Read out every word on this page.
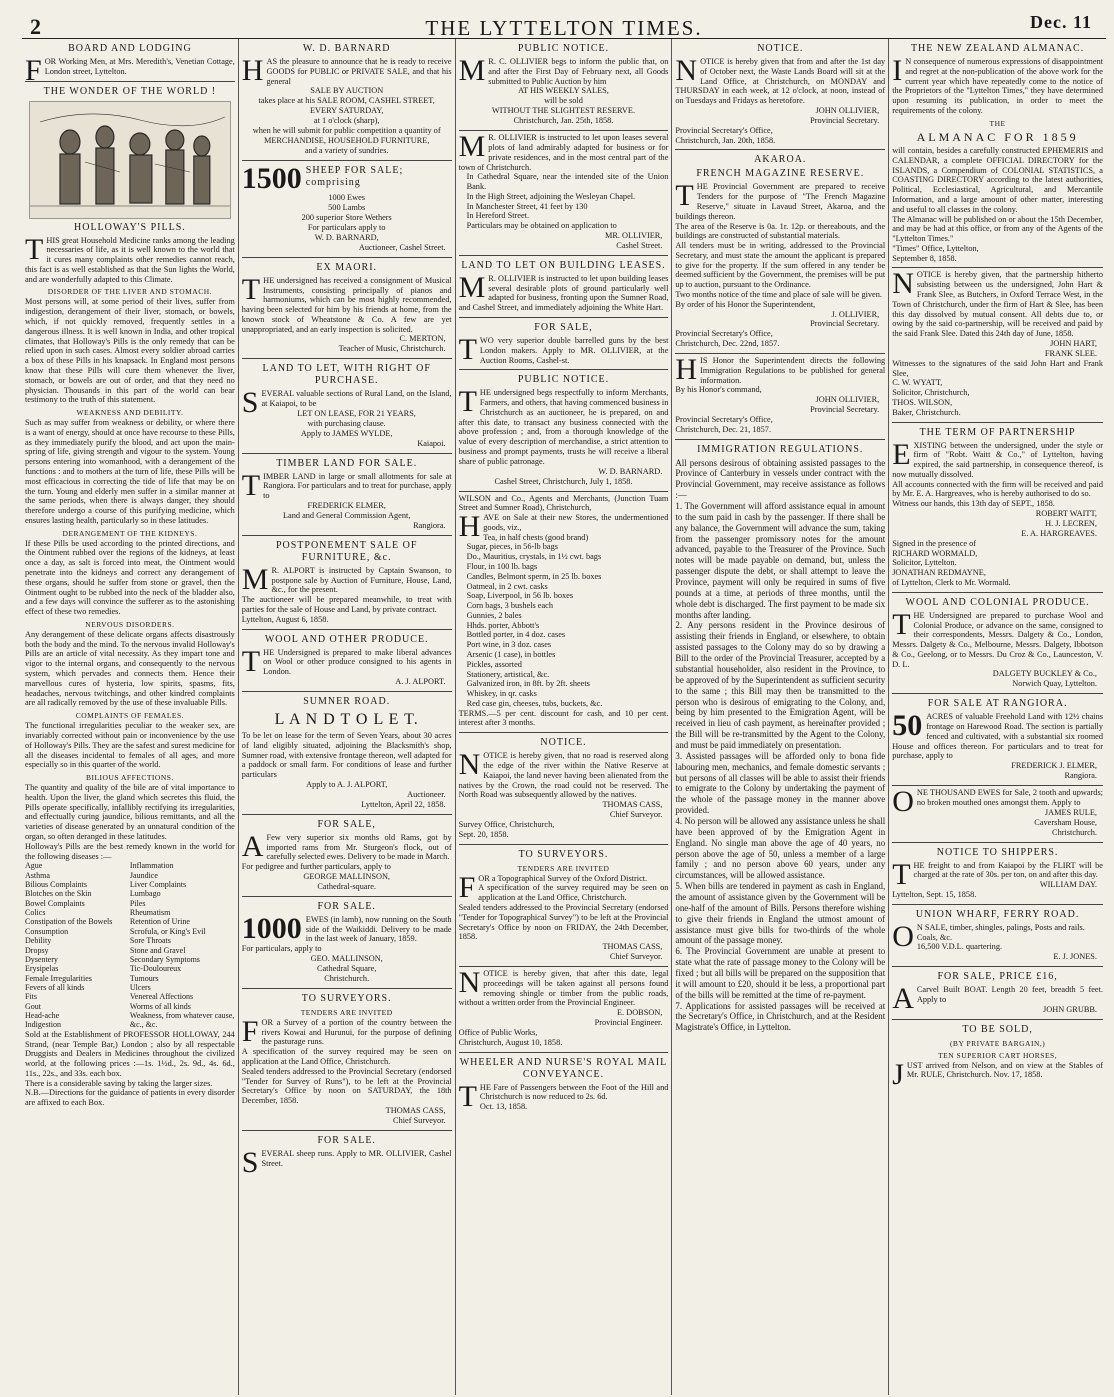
2	THE LYTTELTON TIMES.	Dec. 11
BOARD AND LODGING

FOR Working Men, at Mrs. Meredith's, Venetian Cottage, London street, Lyttelton.

THE WONDER OF THE WORLD !
HOLLOWAY'S PILLS.

THIS great Household Medicine ranks among the leading necessaries of life, as it is well known to the world that it cures many complaints other remedies cannot reach, this fact is as well established as that the Sun lights the World, and are wonderfully adapted to this Climate.

DISORDER OF THE LIVER AND STOMACH.

Most persons will, at some period of their lives, suffer from indigestion, derangement of their liver, stomach, or bowels, which, if not quickly removed, frequently settles in a dangerous illness. It is well known in India, and other tropical climates, that Holloway's Pills is the only remedy that can be relied upon in such cases. Almost every soldier abroad carries a box of these Pills in his knapsack. In England most persons know that these Pills will cure them whenever the liver, stomach, or bowels are out of order, and that they need no physician. Thousands in this part of the world can bear testimony to the truth of this statement.

WEAKNESS AND DEBILITY.

Such as may suffer from weakness or debility, or where there is a want of energy, should at once have recourse to these Pills, as they immediately purify the blood, and act upon the main-spring of life, giving strength and vigour to the system. Young persons entering into womanhood, with a derangement of the functions : and to mothers at the turn of life, these Pills will be most efficacious in correcting the tide of life that may be on the turn. Young and elderly men suffer in a similar manner at the same periods, when there is always danger, they should therefore undergo a course of this purifying medicine, which ensures lasting health, particularly so in these latitudes.

DERANGEMENT OF THE KIDNEYS.

If these Pills be used according to the printed directions, and the Ointment rubbed over the regions of the kidneys, at least once a day, as salt is forced into meat, the Ointment would penetrate into the kidneys and correct any derangement of these organs, should he suffer from stone or gravel, then the Ointment ought to be rubbed into the neck of the bladder also, and a few days will convince the sufferer as to the astonishing effect of these two remedies.

NERVOUS DISORDERS.

Any derangement of these delicate organs affects disastrously both the body and the mind. To the nervous invalid Holloway's Pills are an article of vital necessity. As they impart tone and vigor to the internal organs, and consequently to the nervous system, which pervades and connects them. Hence their marvellous cures of hysteria, low spirits, spasms, fits, headaches, nervous twitchings, and other kindred complaints are all radically removed by the use of these invaluable Pills.

COMPLAINTS OF FEMALES.

The functional irregularities peculiar to the weaker sex, are invariably corrected without pain or inconvenience by the use of Holloway's Pills. They are the safest and surest medicine for all the diseases incidental to females of all ages, and more especially so in this quarter of the world.

BILIOUS AFFECTIONS.

The quantity and quality of the bile are of vital importance to health. Upon the liver, the gland which secretes this fluid, the Pills operate specifically, infallibly rectifying its irregularities, and effectually curing jaundice, bilious remittants, and all the varieties of disease generated by an unnatural condition of the organ, so often deranged in these latitudes.

Holloway's Pills are the best remedy known in the world for the following diseases :—

Ague
Asthma
Bilious Complaints
Blotches on the Skin
Bowel Complaints
Colics
Constipation of the Bowels
Consumption
Debility
Dropsy
Dysentery
Erysipelas
Female Irregularities
Fevers of all kinds
Fits
Gout
Head-ache
Indigestion
Inflammation
Jaundice
Liver Complaints
Lumbago
Piles
Rheumatism
Retention of Urine
Scrofula, or King's Evil
Sore Throats
Stone and Gravel
Secondary Symptoms
Tic-Douloureux
Tumours
Ulcers
Venereal Affections
Worms of all kinds
Weakness, from whatever cause, &c., &c.

Sold at the Establishment of PROFESSOR HOLLOWAY, 244 Strand, (near Temple Bar,) London ; also by all respectable Druggists and Dealers in Medicines throughout the civilized world, at the following prices :—1s. 1½d., 2s. 9d., 4s. 6d., 11s., 22s., and 33s. each box.
There is a considerable saving by taking the larger sizes.
N.B.—Directions for the guidance of patients in every disorder are affixed to each Box.

W. D. BARNARD

HAS the pleasure to announce that he is ready to receive GOODS for PUBLIC or PRIVATE SALE, and that his general

SALE BY AUCTION
takes place at his SALE ROOM, CASHEL STREET,
EVERY SATURDAY,
at 1 o'clock (sharp),
when he will submit for public competition a quantity of
MERCHANDISE, HOUSEHOLD FURNITURE,
and a variety of sundries.
1500 SHEEP FOR SALE; comprising
1000 Ewes
500 Lambs
200 superior Store Wethers
For particulars apply to
W. D. BARNARD,
Auctioneer, Cashel Street.
EX MAORI.

THE undersigned has received a consignment of Musical Instruments, consisting principally of pianos and harmoniums, which can be most highly recommended, having been selected for him by his friends at home, from the known stock of Wheatstone & Co. A few are yet unappropriated, and an early inspection is solicited.

C. MERTON,
Teacher of Music, Christchurch.
LAND TO LET, WITH RIGHT OF PURCHASE.

SEVERAL valuable sections of Rural Land, on the Island, at Kaiapoi, to be

LET ON LEASE, FOR 21 YEARS,
with purchasing clause.
Apply to JAMES WYLDE,
Kaiapoi.
TIMBER LAND FOR SALE.

TIMBER LAND in large or small allotments for sale at Rangiora. For particulars and to treat for purchase, apply to

FREDERICK ELMER,
Land and General Commission Agent,
Rangiora.
POSTPONEMENT SALE OF FURNITURE, &c.

M R. ALPORT is instructed by Captain Swanson, to postpone sale by Auction of Furniture, House, Land, &c., for the present.
The auctioneer will be prepared meanwhile, to treat with parties for the sale of House and Land, by private contract.
Lyttelton, August 6, 1858.

WOOL AND OTHER PRODUCE.

THE Undersigned is prepared to make liberal advances on Wool or other produce consigned to his agents in London.

A. J. ALPORT.
SUMNER ROAD.
L A N D T O L E T.

To be let on lease for the term of Seven Years, about 30 acres of land eligibly situated, adjoining the Blacksmith's shop, Sumner road, with extensive frontage thereon, well adapted for a paddock or small farm. For conditions of lease and further particulars

Apply to A. J. ALPORT,
Auctioneer.
Lyttelton, April 22, 1858.
FOR SALE,

A Few very superior six months old Rams, got by imported rams from Mr. Sturgeon's flock, out of carefully selected ewes. Delivery to be made in March.
For pedigree and further particulars, apply to

GEORGE MALLINSON,
Cathedral-square.
FOR SALE.

1000 EWES (in lamb), now running on the South side of the Waikiddi. Delivery to be made in the last week of January, 1859.
For particulars, apply to

GEO. MALLINSON,
Cathedral Square,
Christchurch.
TO SURVEYORS.
TENDERS ARE INVITED

FOR a Survey of a portion of the country between the rivers Kowai and Hurunui, for the purpose of defining the pasturage runs.
A specification of the survey required may be seen on application at the Land Office, Christchurch.
Sealed tenders addressed to the Provincial Secretary (endorsed "Tender for Survey of Runs"), to be left at the Provincial Secretary's Office by noon on SATURDAY, the 18th December, 1858.

THOMAS CASS,
Chief Surveyor.
FOR SALE.

SEVERAL sheep runs. Apply to MR. OLLIVIER, Cashel Street.

PUBLIC NOTICE.

M R. C. OLLIVIER begs to inform the public that, on and after the First Day of February next, all Goods submitted to Public Auction by him

AT HIS WEEKLY SALES,
will be sold
WITHOUT THE SLIGHTEST RESERVE.
Christchurch, Jan. 25th, 1858.

M R. OLLIVIER is instructed to let upon leases several plots of land admirably adapted for business or for private residences, and in the most central part of the town of Christchurch.

In Cathedral Square, near the intended site of the Union Bank.
In the High Street, adjoining the Wesleyan Chapel.
In Manchester Street, 41 feet by 130
In Hereford Street.
Particulars may be obtained on application to

MR. OLLIVIER,
Cashel Street.
LAND TO LET ON BUILDING LEASES.

M R. OLLIVIER is instructed to let upon building leases several desirable plots of ground particularly well adapted for business, fronting upon the Sumner Road, and Cashel Street, and immediately adjoining the White Hart.

FOR SALE,

TWO very superior double barrelled guns by the best London makers. Apply to MR. OLLIVIER, at the Auction Rooms, Cashel-st.

PUBLIC NOTICE.

THE undersigned begs respectfully to inform Merchants, Farmers, and others, that having commenced business in Christchurch as an auctioneer, he is prepared, on and after this date, to transact any business connected with the above profession ; and, from a thorough knowledge of the value of every description of merchandise, a strict attention to business and prompt payments, trusts he will receive a liberal share of public patronage.

W. D. BARNARD.
Cashel Street, Christchurch, July 1, 1858.

WILSON and Co., Agents and Merchants, (Junction Tuam Street and Sumner Road), Christchurch,

HAVE on Sale at their new Stores, the undermentioned goods, viz.,

Tea, in half chests (good brand)
Sugar, pieces, in 56-lb bags
Do., Mauritius, crystals, in 1½ cwt. bags
Flour, in 100 lb. bags
Candles, Belmont sperm, in 25 lb. boxes
Oatmeal, in 2 cwt. casks
Soap, Liverpool, in 56 lb. boxes
Corn bags, 3 bushels each
Gunnies, 2 bales
Hhds. porter, Abbott's
Bottled porter, in 4 doz. cases
Port wine, in 3 doz. cases
Arsenic (1 case), in bottles
Pickles, assorted
Stationery, artistical, &c.
Galvanized iron, in 8ft. by 2ft. sheets
Whiskey, in qr. casks
Red case gin, cheeses, tubs, buckets, &c.

TERMS.—5 per cent. discount for cash, and 10 per cent. interest after 3 months.

NOTICE.

NOTICE is hereby given, that no road is reserved along the edge of the river within the Native Reserve at Kaiapoi, the land never having been alienated from the natives by the Crown, the road could not be reserved. The North Road was subsequently allowed by the natives.

THOMAS CASS,
Chief Surveyor.

Survey Office, Christchurch,
Sept. 20, 1858.

TO SURVEYORS.
TENDERS ARE INVITED

FOR a Topographical Survey of the Oxford District.
A specification of the survey required may be seen on application at the Land Office, Christchurch.
Sealed tenders addressed to the Provincial Secretary (endorsed "Tender for Topographical Survey") to be left at the Provincial Secretary's Office by noon on FRIDAY, the 24th December, 1858.

THOMAS CASS,
Chief Surveyor.

NOTICE is hereby given, that after this date, legal proceedings will be taken against all persons found removing shingle or timber from the public roads, without a written order from the Provincial Engineer.

E. DOBSON,
Provincial Engineer.

Office of Public Works,
Christchurch, August 10, 1858.

WHEELER AND NURSE'S ROYAL MAIL CONVEYANCE.

THE Fare of Passengers between the Foot of the Hill and Christchurch is now reduced to 2s. 6d.
Oct. 13, 1858.

NOTICE.

NOTICE is hereby given that from and after the 1st day of October next, the Waste Lands Board will sit at the Land Office, at Christchurch, on MONDAY and THURSDAY in each week, at 12 o'clock, at noon, instead of on Tuesdays and Fridays as heretofore.

JOHN OLLIVIER,
Provincial Secretary.

Provincial Secretary's Office,
Christchurch, Jan. 20th, 1858.

AKAROA.
FRENCH MAGAZINE RESERVE.

THE Provincial Government are prepared to receive Tenders for the purpose of "The French Magazine Reserve," situate in Lavaud Street, Akaroa, and the buildings thereon.
The area of the Reserve is 0a. 1r. 12p. or thereabouts, and the buildings are constructed of substantial materials.
All tenders must be in writing, addressed to the Provincial Secretary, and must state the amount the applicant is prepared to give for the property. If the sum offered in any tender be deemed sufficient by the Government, the premises will be put up to auction, pursuant to the Ordinance.
Two months notice of the time and place of sale will be given.
By order of his Honor the Superintendent,

J. OLLIVIER,
Provincial Secretary.

Provincial Secretary's Office,
Christchurch, Dec. 22nd, 1857.

HIS Honor the Superintendent directs the following Immigration Regulations to be published for general information.
By his Honor's command,

JOHN OLLIVIER,
Provincial Secretary.

Provincial Secretary's Office,
Christchurch, Dec. 21, 1857.

IMMIGRATION REGULATIONS.

All persons desirous of obtaining assisted passages to the Province of Canterbury in vessels under contract with the Provincial Government, may receive assistance as follows :—
1. The Government will afford assistance equal in amount to the sum paid in cash by the passenger. If there shall be any balance, the Government will advance the sum, taking from the passenger promissory notes for the amount advanced, payable to the Treasurer of the Province. Such notes will be made payable on demand, but, unless the passenger dispute the debt, or shall attempt to leave the Province, payment will only be required in sums of five pounds at a time, at periods of three months, until the whole debt is discharged. The first payment to be made six months after landing.
2. Any persons resident in the Province desirous of assisting their friends in England, or elsewhere, to obtain assisted passages to the Colony may do so by drawing a Bill to the order of the Provincial Treasurer, accepted by a substantial householder, also resident in the Province, to be approved of by the Superintendent as sufficient security to the same ; this Bill may then be transmitted to the person who is desirous of emigrating to the Colony, and, being by him presented to the Emigration Agent, will be received in lieu of cash payment, as hereinafter provided ; the Bill will be re-transmitted by the Agent to the Colony, and must be paid immediately on presentation.
3. Assisted passages will be afforded only to bona fide labouring men, mechanics, and female domestic servants ; but persons of all classes will be able to assist their friends to emigrate to the Colony by undertaking the payment of the whole of the passage money in the manner above provided.
4. No person will be allowed any assistance unless he shall have been approved of by the Emigration Agent in England. No single man above the age of 40 years, no person above the age of 50, unless a member of a large family ; and no person above 60 years, under any circumstances, will be allowed assistance.
5. When bills are tendered in payment as cash in England, the amount of assistance given by the Government will be one-half of the amount of Bills. Persons therefore wishing to give their friends in England the utmost amount of assistance must give bills for two-thirds of the whole amount of the passage money.
6. The Provincial Government are unable at present to state what the rate of passage money to the Colony will be fixed ; but all bills will be prepared on the supposition that it will amount to £20, should it be less, a proportional part of the bills will be remitted at the time of re-payment.
7. Applications for assisted passages will be received at the Secretary's Office, in Christchurch, and at the Resident Magistrate's Office, in Lyttelton.

THE NEW ZEALAND ALMANAC.

I N consequence of numerous expressions of disappointment and regret at the non-publication of the above work for the current year which have repeatedly come to the notice of the Proprietors of the "Lyttelton Times," they have determined upon resuming its publication, in order to meet the requirements of the colony.

THE
ALMANAC FOR 1859

will contain, besides a carefully constructed EPHEMERIS and CALENDAR, a complete OFFICIAL DIRECTORY for the ISLANDS, a Compendium of COLONIAL STATISTICS, a COASTING DIRECTORY according to the latest authorities, Political, Ecclesiastical, Agricultural, and Mercantile Information, and a large amount of other matter, interesting and useful to all classes in the colony.
The Almanac will be published on or about the 15th December, and may be had at this office, or from any of the Agents of the "Lyttelton Times."

"Times" Office, Lyttelton,
September 8, 1858.

NOTICE is hereby given, that the partnership hitherto subsisting between us the undersigned, John Hart & Frank Slee, as Butchers, in Oxford Terrace West, in the Town of Christchurch, under the firm of Hart & Slee, has been this day dissolved by mutual consent. All debts due to, or owing by the said co-partnership, will be received and paid by the said Frank Slee. Dated this 24th day of June, 1858.

JOHN HART,
FRANK SLEE.

Witnesses to the signatures of the said John Hart and Frank Slee,
C. W. WYATT,
Solicitor, Christchurch,
THOS. WILSON,
Baker, Christchurch.

THE TERM OF PARTNERSHIP

EXISTING between the undersigned, under the style or firm of "Robt. Waitt & Co.," of Lyttelton, having expired, the said partnership, in consequence thereof, is now mutually dissolved.
All accounts connected with the firm will be received and paid by Mr. E. A. Hargreaves, who is hereby authorised to do so.
Witness our hands, this 13th day of SEPT., 1858.

ROBERT WAITT,
H. J. LECREN,
E. A. HARGREAVES.

Signed in the presence of
RICHARD WORMALD,
Solicitor, Lyttelton.
JONATHAN REDMAYNE,
of Lyttelton, Clerk to Mr. Wormald.

WOOL AND COLONIAL PRODUCE.

THE Undersigned are prepared to purchase Wool and Colonial Produce, or advance on the same, consigned to their correspondents, Messrs. Dalgety & Co., London, Messrs. Dalgety & Co., Melbourne, Messrs. Dalgety, Ibbotson & Co., Geelong, or to Messrs. Du Croz & Co., Launceston, V. D. L.

DALGETY BUCKLEY & Co.,
Norwich Quay, Lyttelton.
FOR SALE AT RANGIORA.

50 ACRES of valuable Freehold Land with 12½ chains frontage on Harewood Road. The section is partially fenced and cultivated, with a substantial six roomed House and offices thereon. For particulars and to treat for purchase, apply to

FREDERICK J. ELMER,
Rangiora.

ONE THOUSAND EWES for Sale, 2 tooth and upwards; no broken mouthed ones amongst them. Apply to

JAMES RULE,
Caversham House,
Christchurch.
NOTICE TO SHIPPERS.

THE freight to and from Kaiapoi by the FLIRT will be charged at the rate of 30s. per ton, on and after this day.

WILLIAM DAY.

Lyttelton, Sept. 15, 1858.

UNION WHARF, FERRY ROAD.

O N SALE, timber, shingles, palings, Posts and rails.
Coals, &c.
16,500 V.D.L. quartering.

E. J. JONES.
FOR SALE, PRICE £16,

A Carvel Built BOAT. Length 20 feet, breadth 5 feet. Apply to

JOHN GRUBB.
TO BE SOLD,
(BY PRIVATE BARGAIN,)
TEN SUPERIOR CART HORSES,

JUST arrived from Nelson, and on view at the Stables of Mr. RULE, Christchurch. Nov. 17, 1858.
